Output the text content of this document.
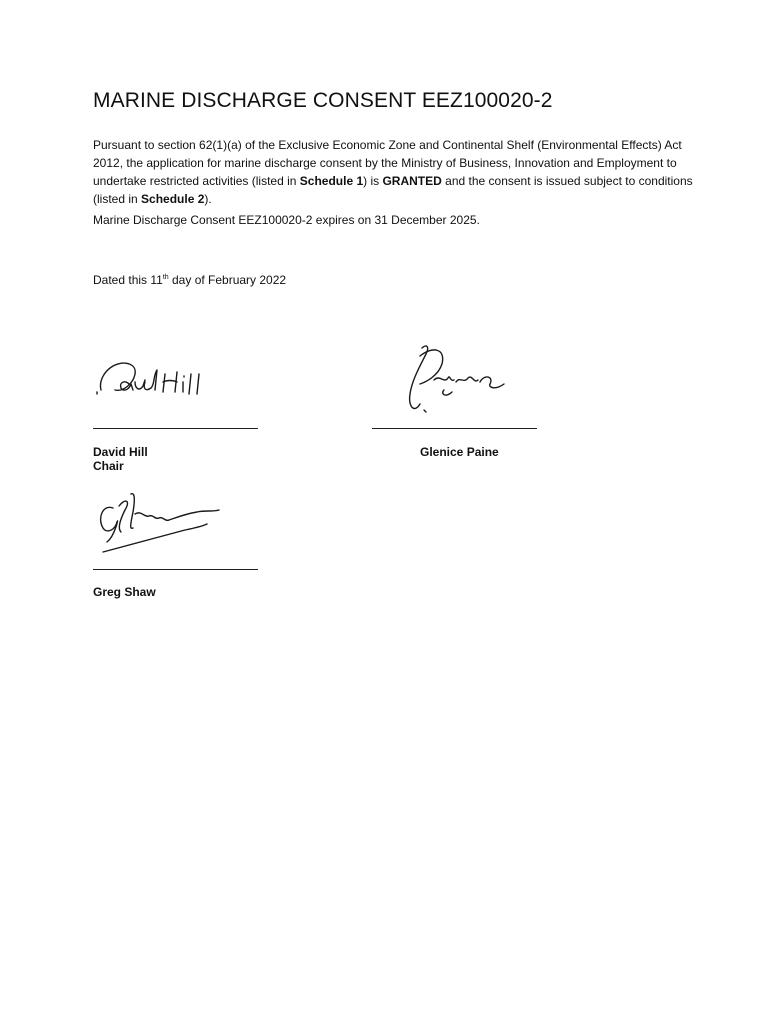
MARINE DISCHARGE CONSENT EEZ100020-2

Pursuant to section 62(1)(a) of the Exclusive Economic Zone and Continental Shelf (Environmental Effects) Act 2012, the application for marine discharge consent by the Ministry of Business, Innovation and Employment to undertake restricted activities (listed in Schedule 1) is GRANTED and the consent is issued subject to conditions (listed in Schedule 2).

Marine Discharge Consent EEZ100020-2 expires on 31 December 2025.

Dated this 11th day of February 2022

David Hill

Chair

Glenice Paine

Greg Shaw
